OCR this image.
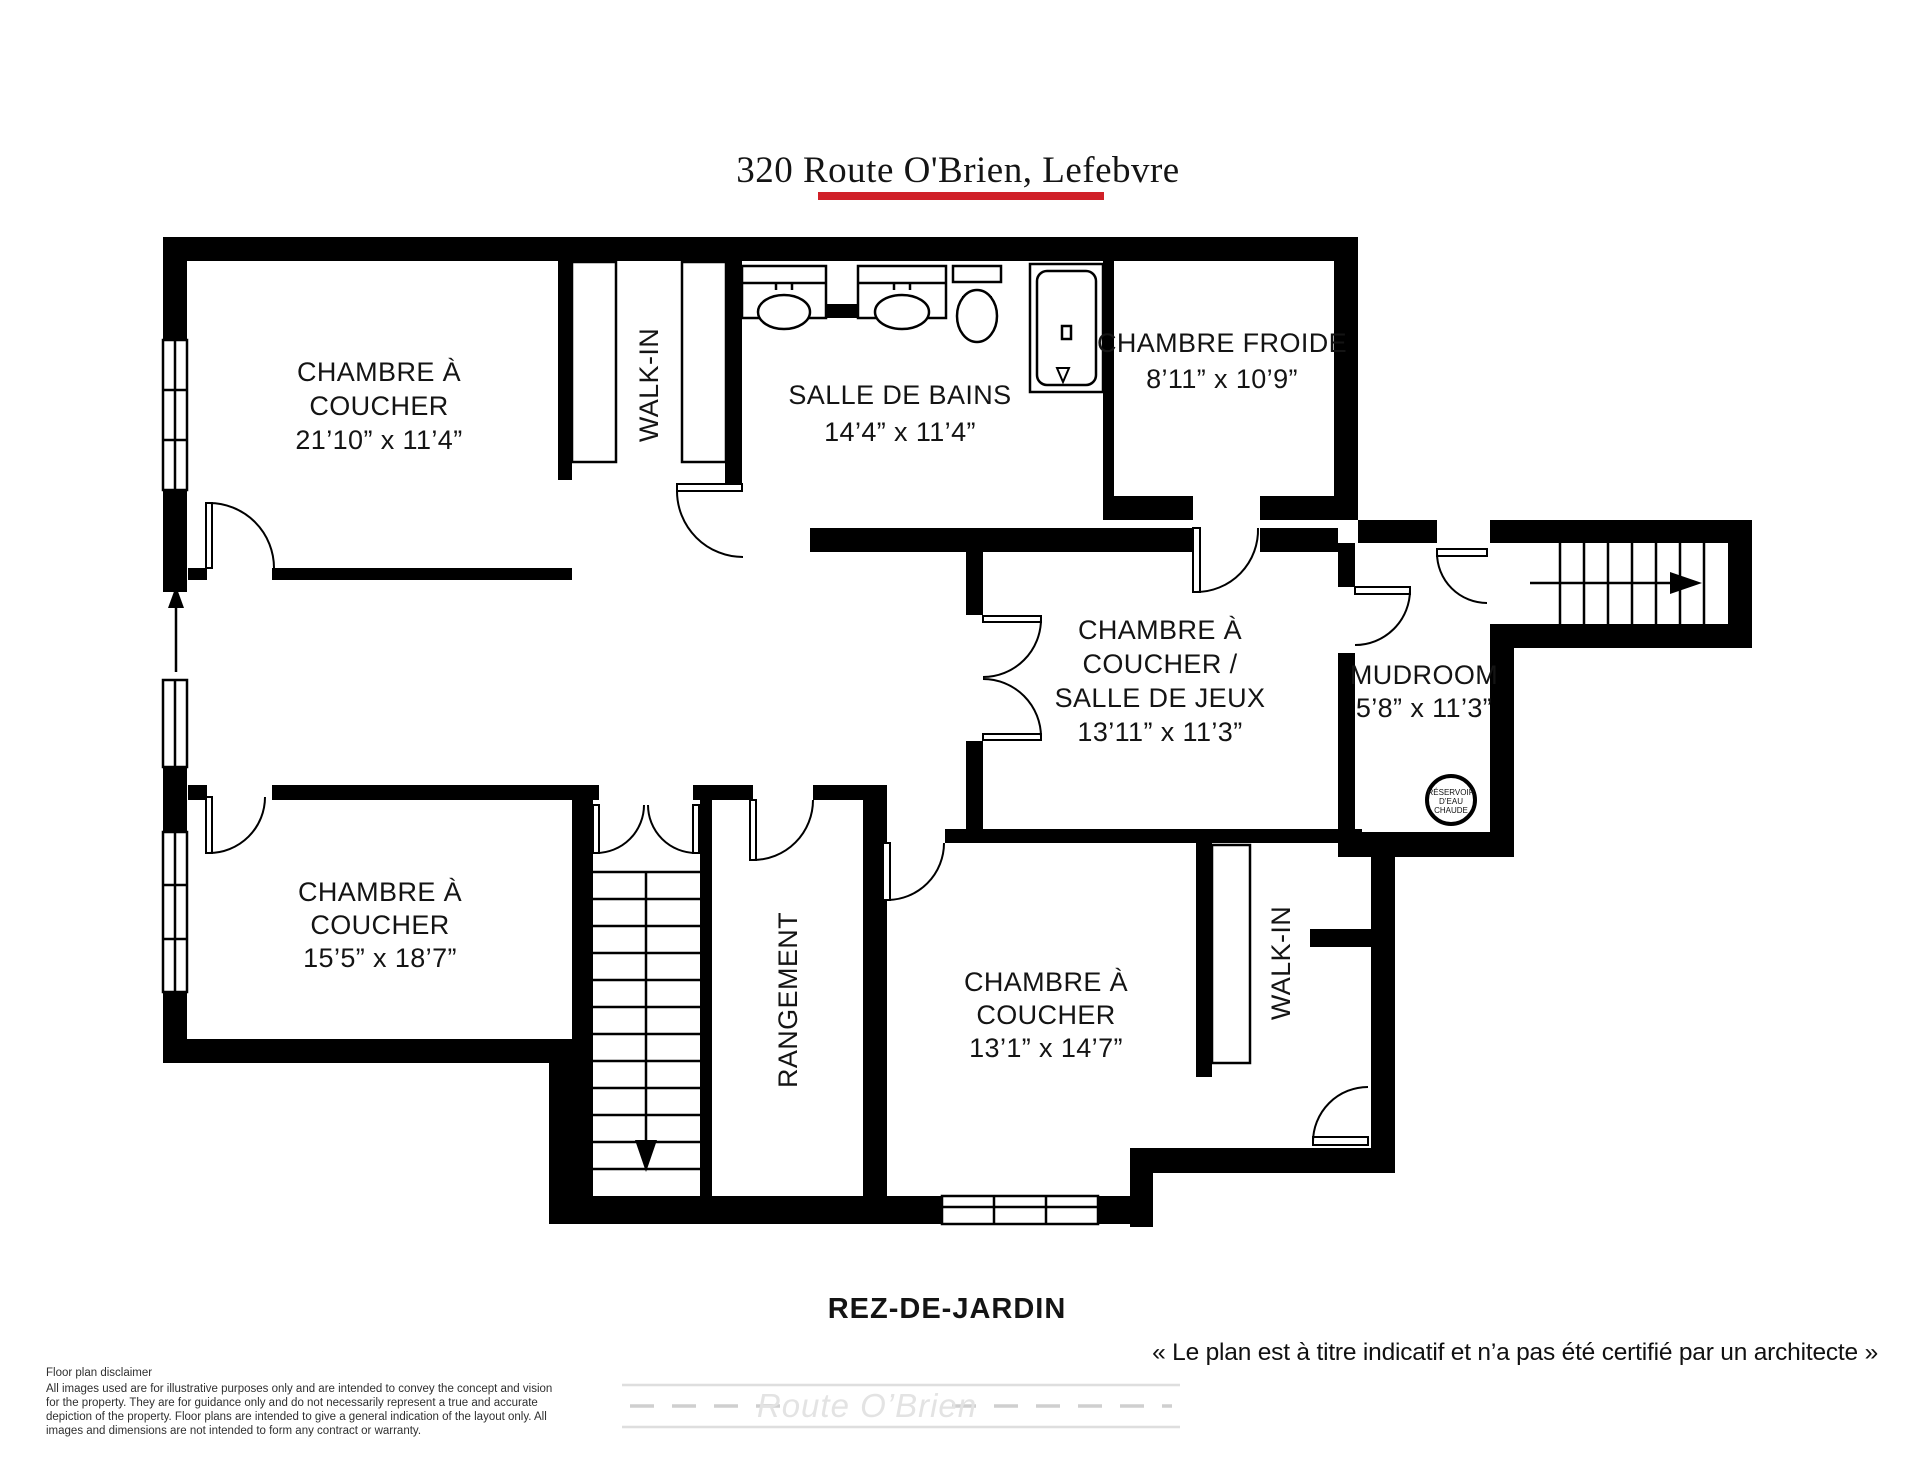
320 Route O'Brien, Lefebvre
RÉSERVOIR
D’EAU
CHAUDE
CHAMBRE À
COUCHER
21’10” x 11’4”	WALK-IN	SALLE DE BAINS
14’4” x 11’4”
CHAMBRE FROIDE
8’11” x 10’9”
CHAMBRE À
COUCHER /
SALLE DE JEUX
13’11” x 11’3”
MUDROOM
5’8” x 11’3”
CHAMBRE À
COUCHER
15’5” x 18’7”	RANGEMENT	CHAMBRE À
COUCHER
13’1” x 14’7”
WALK-IN
REZ-DE-JARDIN
« Le plan est à titre indicatif et n’a pas été certifié par un architecte »
Floor plan disclaimer
All images used are for illustrative purposes only and are intended to convey the concept and vision
for the property. They are for guidance only and do not necessarily represent a true and accurate
depiction of the property. Floor plans are intended to give a general indication of the layout only. All
images and dimensions are not intended to form any contract or warranty.
Route O’Brien
